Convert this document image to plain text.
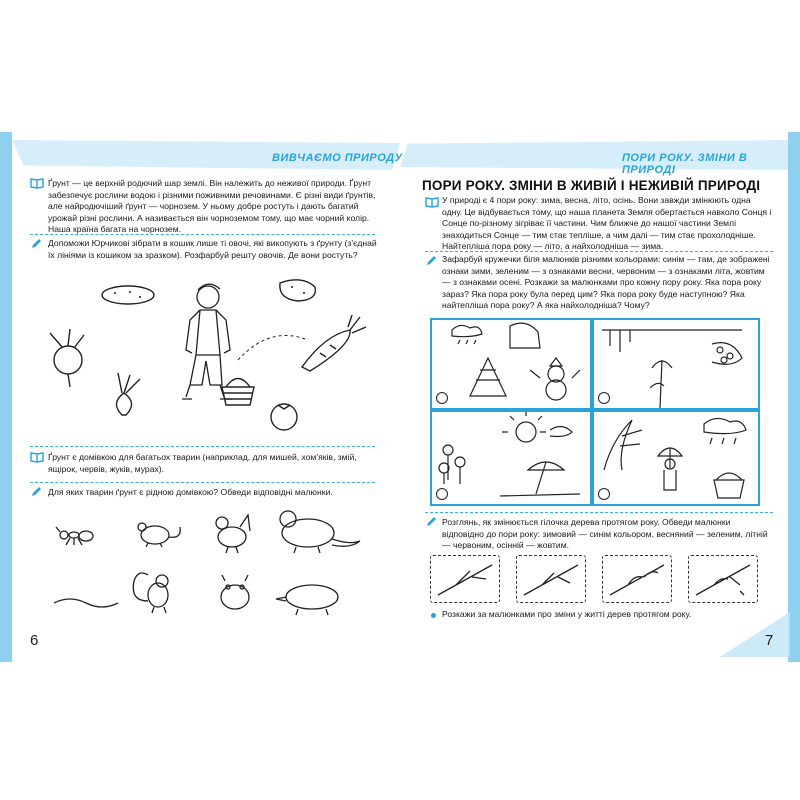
ВИВЧАЄМО ПРИРОДУ	ПОРИ РОКУ. ЗМІНИ В ПРИРОДІ
Ґрунт — це верхній родючий шар землі. Він належить до неживої природи. Ґрунт забезпечує рослини водою і різними поживними речовинами. Є різні види ґрунтів, але найродючіший ґрунт — чорнозем. У ньому добре ростуть і дають багатий урожай різні рослини. А називається він чорноземом тому, що має чорний колір. Наша країна багата на чорнозем.
Допоможи Юрчикові зібрати в кошик лише ті овочі, які викопують з ґрунту (з'єднай їх лініями із кошиком за зразком). Розфарбуй решту овочів. Де вони ростуть?
Ґрунт є домівкою для багатьох тварин (наприклад, для мишей, хом'яків, змій, ящірок, червів, жуків, мурах).
Для яких тварин ґрунт є рідною домівкою? Обведи відповідні малюнки.
6
ПОРИ РОКУ. ЗМІНИ В ЖИВІЙ І НЕЖИВІЙ ПРИРОДІ
У природі є 4 пори року: зима, весна, літо, осінь. Вони завжди змінюють одна одну. Це відбувається тому, що наша планета Земля обертається навколо Сонця і Сонце по-різному зігріває її частини. Чим ближче до нашої частини Землі знаходиться Сонце — тим стає тепліше, а чим далі — тим стає прохолодніше. Найтепліша пора року — літо, а найхолодніша — зима.
Зафарбуй кружечки біля малюнків різними кольорами: синім — там, де зображені ознаки зими, зеленим — з ознаками весни, червоним — з ознаками літа, жовтим — з ознаками осені. Розкажи за малюнками про кожну пору року. Яка пора року зараз? Яка пора року була перед цим? Яка пора року буде наступною? Яка найтепліша пора року? А яка найхолодніша? Чому?
Розглянь, як змінюється гілочка дерева протягом року. Обведи малюнки відповідно до пори року: зимовий — синім кольором, весняний — зеленим, літній — червоним, осінній — жовтим.
Розкажи за малюнками про зміни у житті дерев протягом року.
7
